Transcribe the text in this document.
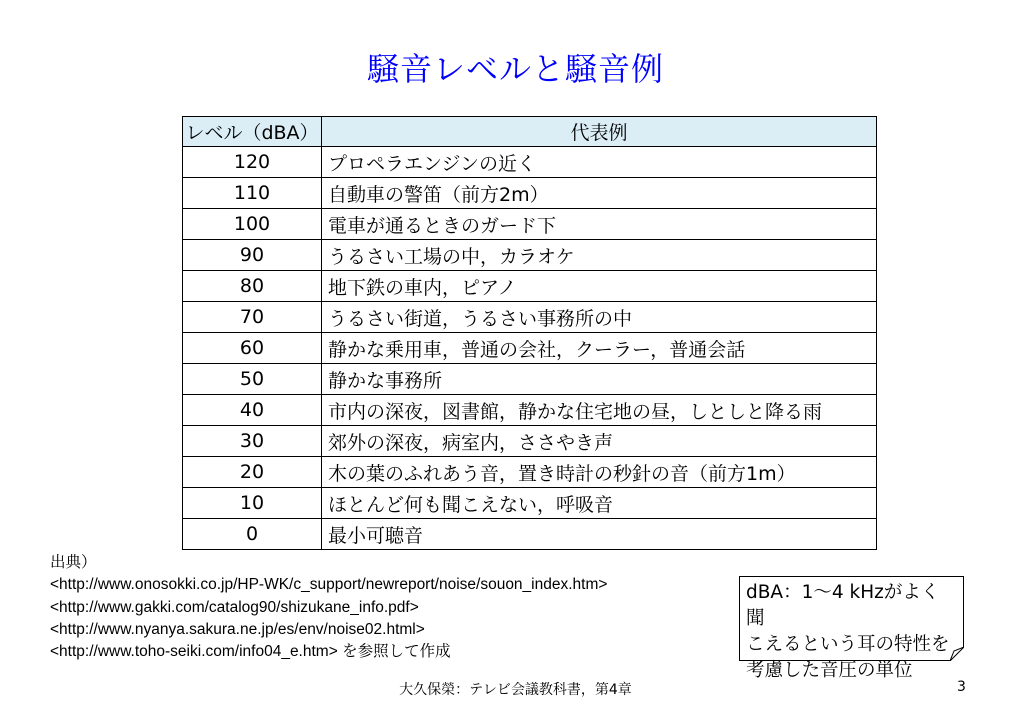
騒音レベルと騒音例
レベル（dBA）	代表例
120	プロペラエンジンの近く
110	自動車の警笛（前方2m）
100	電車が通るときのガード下
90	うるさい工場の中，カラオケ
80	地下鉄の車内，ピアノ
70	うるさい街道，うるさい事務所の中
60	静かな乗用車，普通の会社，クーラー，普通会話
50	静かな事務所
40	市内の深夜，図書館，静かな住宅地の昼，しとしと降る雨
30	郊外の深夜，病室内，ささやき声
20	木の葉のふれあう音，置き時計の秒針の音（前方1m）
10	ほとんど何も聞こえない，呼吸音
0	最小可聴音
出典）
<http://www.onosokki.co.jp/HP-WK/c_support/newreport/noise/souon_index.htm>
<http://www.gakki.com/catalog90/shizukane_info.pdf>
<http://www.nyanya.sakura.ne.jp/es/env/noise02.html>
<http://www.toho-seiki.com/info04_e.htm> を参照して作成
dBA：1～4 kHzがよく聞
こえるという耳の特性を
考慮した音圧の単位
大久保榮：テレビ会議教科書，第4章	3
